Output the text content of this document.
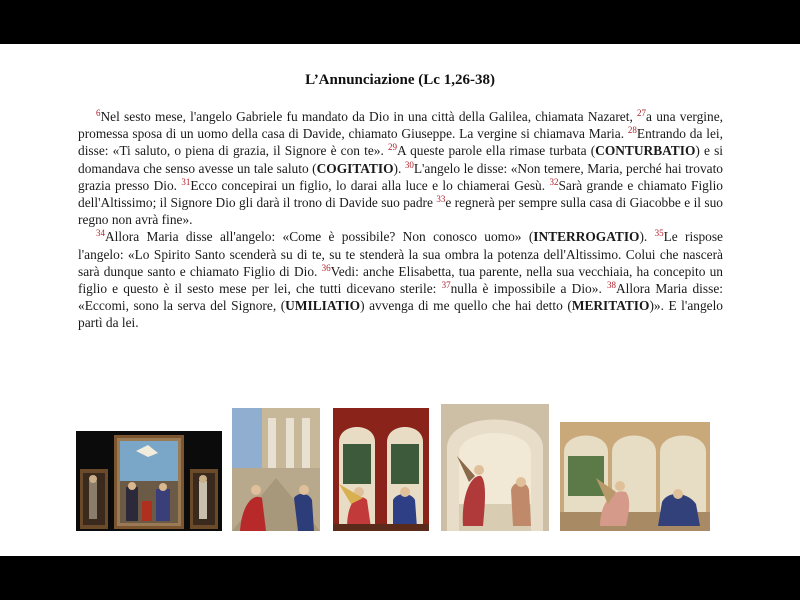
L’Annunciazione (Lc 1,26-38)

$^6$Nel sesto mese, l'angelo Gabriele fu mandato da Dio in una città della Galilea, chiamata Nazaret, $^{27}$a una vergine, promessa sposa di un uomo della casa di Davide, chiamato Giuseppe. La vergine si chiamava Maria. $^{28}$Entrando da lei, disse: «Ti saluto, o piena di grazia, il Signore è con te». $^{29}$A queste parole ella rimase turbata (CONTURBATIO) e si domandava che senso avesse un tale saluto (COGITATIO). $^{30}$L'angelo le disse: «Non temere, Maria, perché hai trovato grazia presso Dio. $^{31}$Ecco concepirai un figlio, lo darai alla luce e lo chiamerai Gesù. $^{32}$Sarà grande e chiamato Figlio dell'Altissimo; il Signore Dio gli darà il trono di Davide suo padre $^{33}$e regnerà per sempre sulla casa di Giacobbe e il suo regno non avrà fine».

$^{34}$Allora Maria disse all'angelo: «Come è possibile? Non conosco uomo» (INTERROGATIO). $^{35}$Le rispose l'angelo: «Lo Spirito Santo scenderà su di te, su te stenderà la sua ombra la potenza dell'Altissimo. Colui che nascerà sarà dunque santo e chiamato Figlio di Dio. $^{36}$Vedi: anche Elisabetta, tua parente, nella sua vecchiaia, ha concepito un figlio e questo è il sesto mese per lei, che tutti dicevano sterile: $^{37}$nulla è impossibile a Dio». $^{38}$Allora Maria disse: «Eccomi, sono la serva del Signore, (UMILIATIO) avvenga di me quello che hai detto (MERITATIO)». E l'angelo partì da lei.
